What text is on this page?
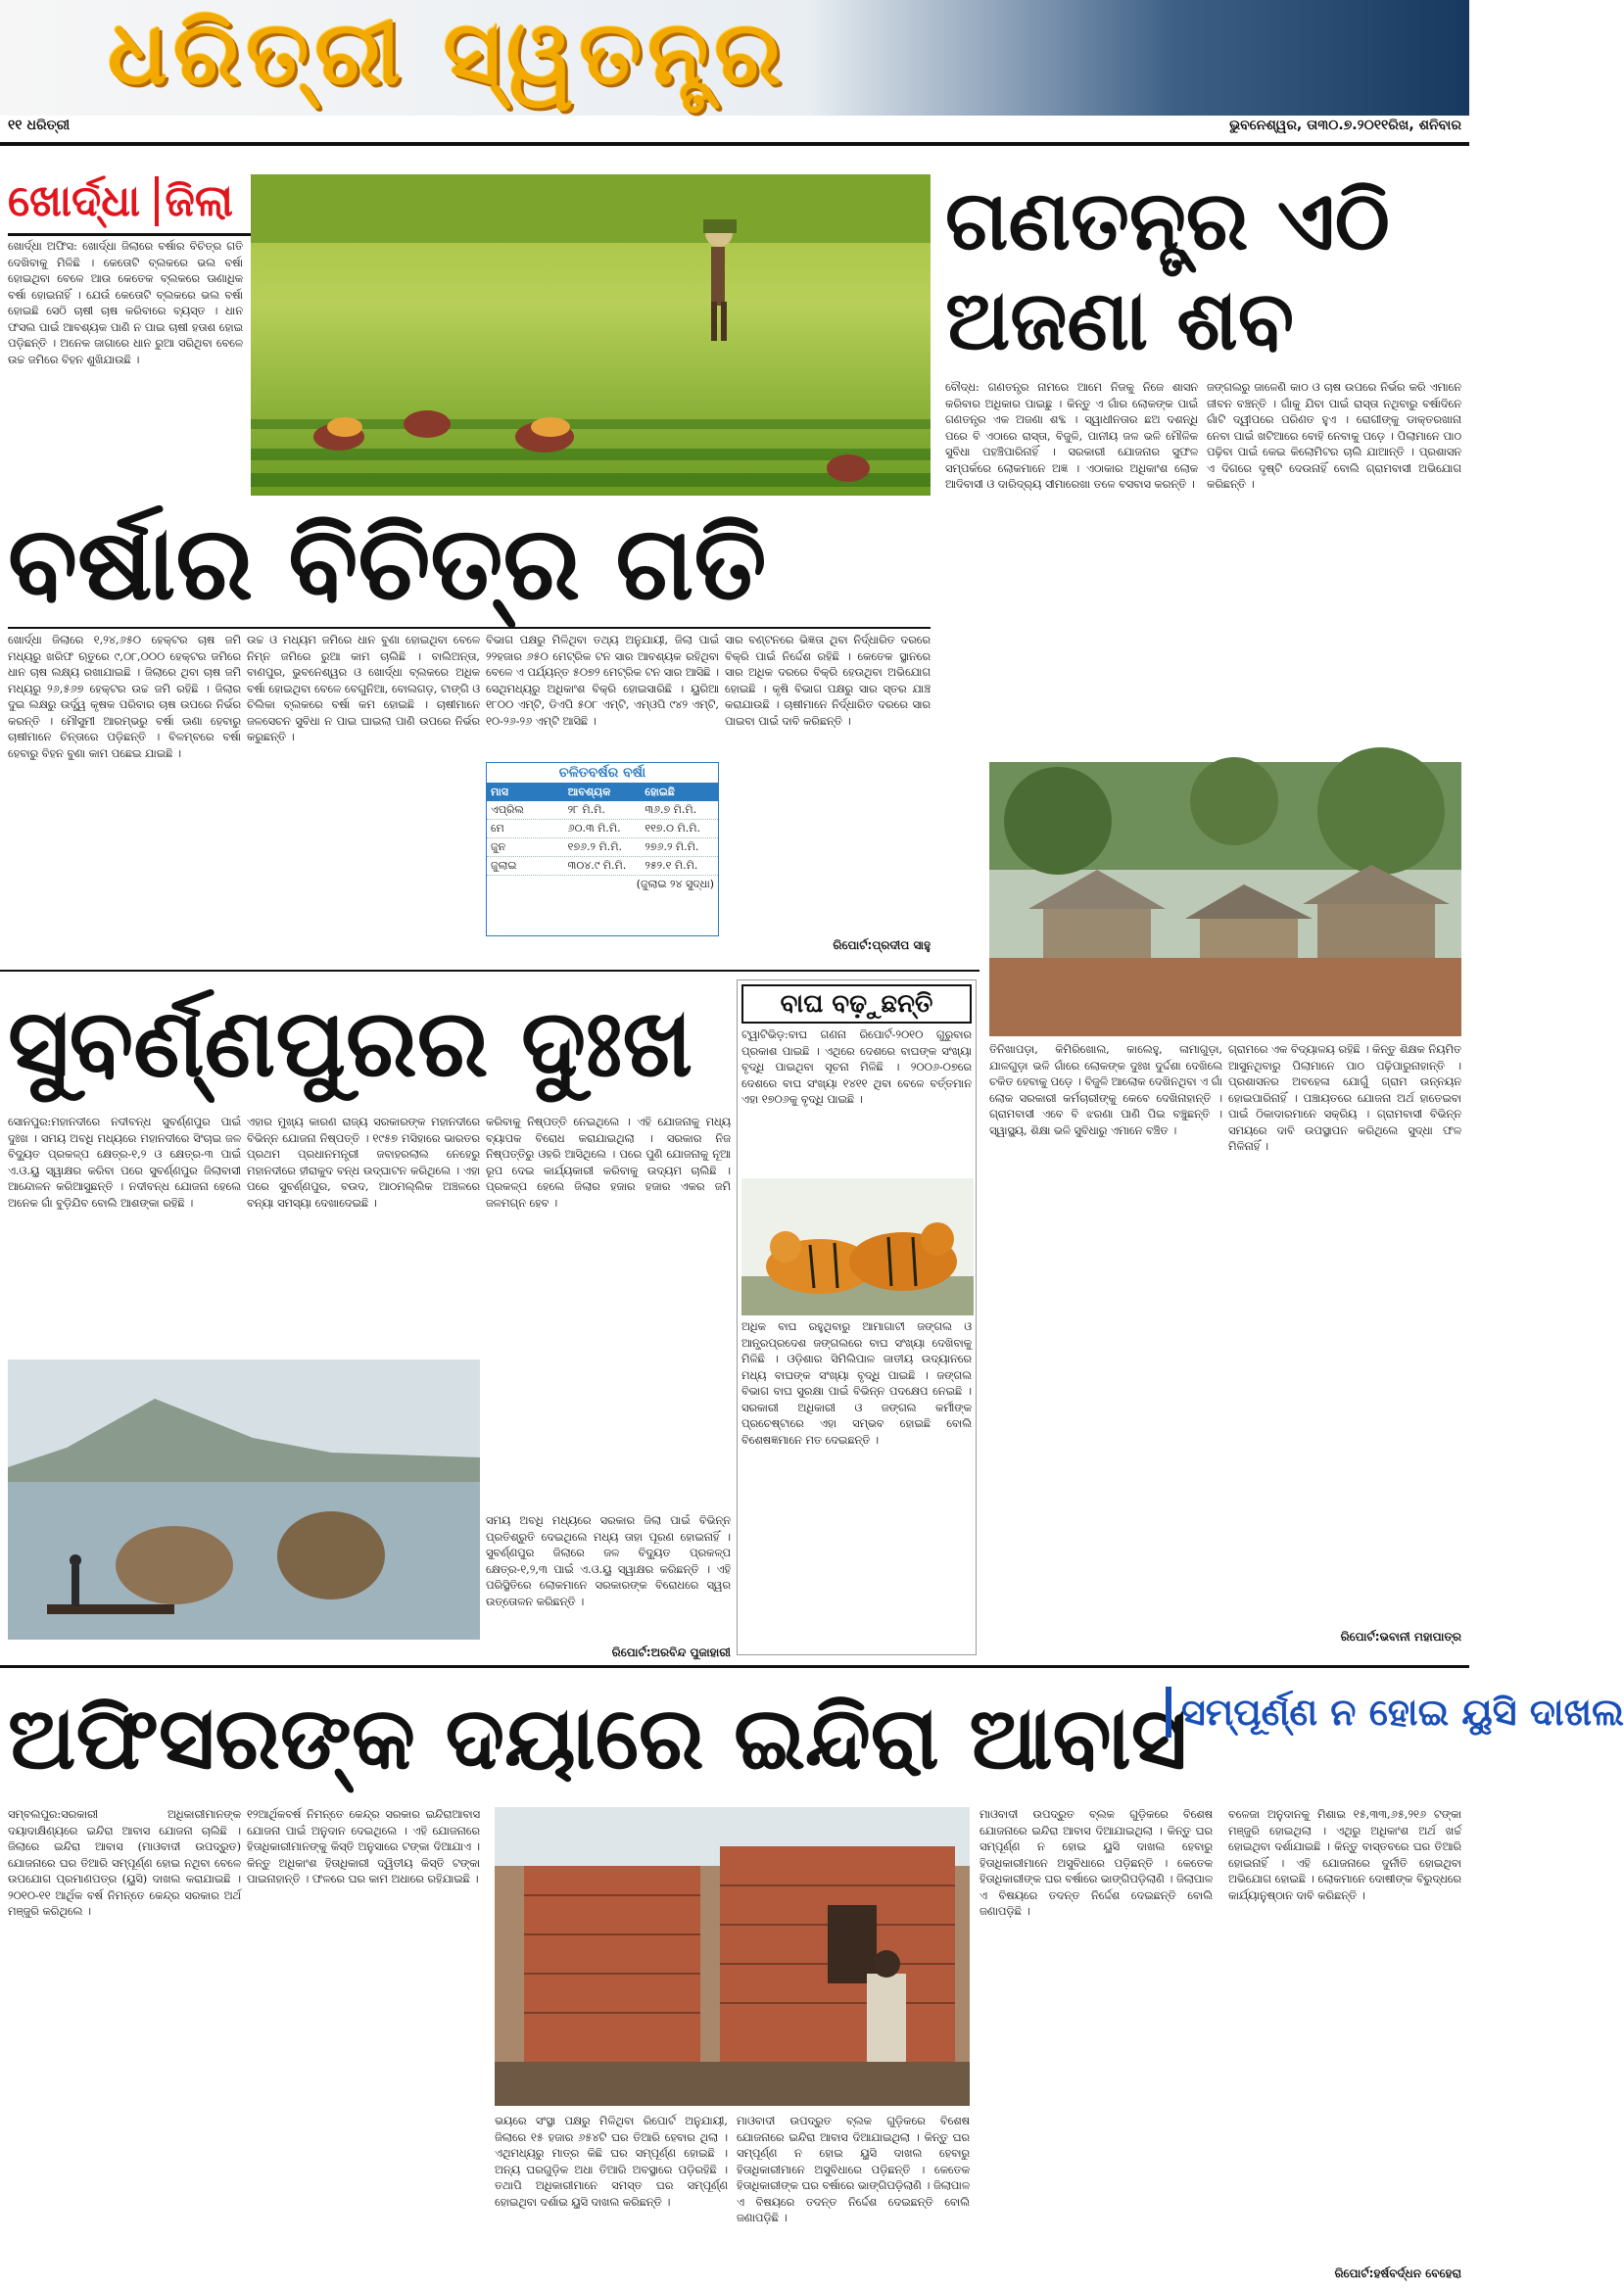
ଧରିତ୍ରୀ ସ୍ୱତନ୍ତ୍ର
୧୧ ଧରିତ୍ରୀ	ଭୁବନେଶ୍ୱର, ତା୩୦.୭.୨୦୧୧ରିଖ, ଶନିବାର
ଖୋର୍ଦ୍ଧା ଜିଲା
ଖୋର୍ଦ୍ଧା ଅଫିସ: ଖୋର୍ଦ୍ଧା ଜିଲାରେ ବର୍ଷାର ବିଚିତ୍ର ଗତି ଦେଖିବାକୁ ମିଳିଛି । କେତୋଟି ବ୍ଲକରେ ଭଲ ବର୍ଷା ହୋଇଥିବା ବେଳେ ଆଉ କେତେକ ବ୍ଲକରେ ଊଣାଧିକ ବର୍ଷା ହୋଇନାହିଁ । ଯେଉଁ କେତୋଟି ବ୍ଲକରେ ଭଲ ବର୍ଷା ହୋଇଛି ସେଠି ଚାଷୀ ଚାଷ କରିବାରେ ବ୍ୟସ୍ତ । ଧାନ ଫସଲ ପାଇଁ ଆବଶ୍ୟକ ପାଣି ନ ପାଇ ଚାଷୀ ହତାଶ ହୋଇ ପଡ଼ିଛନ୍ତି । ଅନେକ ଜାଗାରେ ଧାନ ରୁଆ ସରିଥିବା ବେଳେ ଉଚ୍ଚ ଜମିରେ ବିହନ ଶୁଖିଯାଉଛି ।
ବର୍ଷାର ବିଚିତ୍ର ଗତି
ଖୋର୍ଦ୍ଧା ଜିଲାରେ ୧,୨୪,୬୫୦ ହେକ୍ଟର ଚାଷ ଜମି ମଧ୍ୟରୁ ଖରିଫ ଋତୁରେ ୯,୦୮,୦୦୦ ହେକ୍ଟର ଜମିରେ ଧାନ ଚାଷ ଲକ୍ଷ୍ୟ ରଖାଯାଇଛି । ଜିଲାରେ ଥିବା ଚାଷ ଜମି ମଧ୍ୟରୁ ୨୬,୫୬୭ ହେକ୍ଟର ଉଚ୍ଚ ଜମି ରହିଛି । ଜିଲାର ଦୁଇ ଲକ୍ଷରୁ ଉର୍ଦ୍ଧ୍ୱ କୃଷକ ପରିବାର ଚାଷ ଉପରେ ନିର୍ଭର କରନ୍ତି । ମୌସୁମୀ ଆରମ୍ଭରୁ ବର୍ଷା ଊଣା ହେବାରୁ ଚାଷୀମାନେ ଚିନ୍ତାରେ ପଡ଼ିଛନ୍ତି । ବିଳମ୍ବରେ ବର୍ଷା ହେବାରୁ ବିହନ ବୁଣା କାମ ପଛେଇ ଯାଇଛି ।
ଉଚ୍ଚ ଓ ମଧ୍ୟମ ଜମିରେ ଧାନ ବୁଣା ହୋଇଥିବା ବେଳେ ନିମ୍ନ ଜମିରେ ରୁଆ କାମ ଚାଲିଛି । ବାଲିଅନ୍ତା, ବାଣପୁର, ଭୁବନେଶ୍ୱର ଓ ଖୋର୍ଦ୍ଧା ବ୍ଲକରେ ଅଧିକ ବର୍ଷା ହୋଇଥିବା ବେଳେ ବେଗୁନିଆ, ବୋଲଗଡ଼, ଟାଙ୍ଗି ଓ ଚିଲିକା ବ୍ଲକରେ ବର୍ଷା କମ ହୋଇଛି । ଚାଷୀମାନେ ଜଳସେଚନ ସୁବିଧା ନ ପାଇ ଘାଇଲା ପାଣି ଉପରେ ନିର୍ଭର କରୁଛନ୍ତି ।
ବିଭାଗ ପକ୍ଷରୁ ମିଳିଥିବା ତଥ୍ୟ ଅନୁଯାୟୀ, ଜିଲା ପାଇଁ ୨୨ହଜାର ୬୫୦ ମେଟ୍ରିକ ଟନ ସାର ଆବଶ୍ୟକ ରହିଥିବା ବେଳେ ଏ ପର୍ଯ୍ୟନ୍ତ ୫୦୭୨ ମେଟ୍ରିକ ଟନ ସାର ଆସିଛି । ସେଥିମଧ୍ୟରୁ ଅଧିକାଂଶ ବିକ୍ରି ହୋଇସାରିଛି । ୟୁରିଆ ୧୮୦୦ ଏମ୍‌ଟି, ଡିଏପି ୫୦୮ ଏମ୍‌ଟି, ଏମ୍‌ଓପି ୯୪୨ ଏମ୍‌ଟି, ୧୦-୨୬-୨୬ ଏମ୍‌ଟି ଆସିଛି ।
ଚଳିତବର୍ଷର ବର୍ଷା
ମାସ	ଆବଶ୍ୟକ	ହୋଇଛି
ଏପ୍ରିଲ	୨୮ ମି.ମି.	୩୬.୭ ମି.ମି.
ମେ	୬୦.୩ ମି.ମି.	୧୧୭.୦ ମି.ମି.
ଜୁନ	୧୭୬.୨ ମି.ମି.	୨୭୬.୨ ମି.ମି.
ଜୁଲାଇ	୩୦୪.୯ ମି.ମି.	୨୫୨.୧ ମି.ମି.
(ଜୁଲାଇ ୨୪ ସୁଦ୍ଧା)
ସାର ବଣ୍ଟନରେ ଭିଜ୍ଞତା ଥିବା ନିର୍ଦ୍ଧାରିତ ଦରରେ ବିକ୍ରି ପାଇଁ ନିର୍ଦ୍ଦେଶ ରହିଛି । କେତେକ ସ୍ଥାନରେ ସାର ଅଧିକ ଦରରେ ବିକ୍ରି ହେଉଥିବା ଅଭିଯୋଗ ହୋଇଛି । କୃଷି ବିଭାଗ ପକ୍ଷରୁ ସାର ସ୍ତର ଯାଞ୍ଚ କରାଯାଉଛି । ଚାଷୀମାନେ ନିର୍ଦ୍ଧାରିତ ଦରରେ ସାର ପାଇବା ପାଇଁ ଦାବି କରିଛନ୍ତି ।
ରିପୋର୍ଟ:ପ୍ରଦୀପ ସାହୁ
ଗଣତନ୍ତ୍ର ଏଠି
ଅଜଣା ଶବ
ବୌଦ୍ଧ: ଗଣତନ୍ତ୍ର ନାମରେ ଆମେ ନିଜକୁ ନିଜେ ଶାସନ କରିବାର ଅଧିକାର ପାଇଛୁ । କିନ୍ତୁ ଏ ଗାଁର ଲୋକଙ୍କ ପାଇଁ ଗଣତନ୍ତ୍ର ଏକ ଅଜଣା ଶବ୍ଦ । ସ୍ୱାଧୀନତାର ଛଅ ଦଶନ୍ଧି ପରେ ବି ଏଠାରେ ରାସ୍ତା, ବିଜୁଳି, ପାନୀୟ ଜଳ ଭଳି ମୌଳିକ ସୁବିଧା ପହଞ୍ଚିପାରିନାହିଁ । ସରକାରୀ ଯୋଜନାର ସୁଫଳ ସମ୍ପର୍କରେ ଲୋକମାନେ ଅଜ୍ଞ । ଏଠାକାର ଅଧିକାଂଶ ଲୋକ ଆଦିବାସୀ ଓ ଦାରିଦ୍ର୍ୟ ସୀମାରେଖା ତଳେ ବସବାସ କରନ୍ତି ।
ଜଙ୍ଗଲରୁ ଜାଳେଣି କାଠ ଓ ଚାଷ ଉପରେ ନିର୍ଭର କରି ଏମାନେ ଜୀବନ ବଞ୍ଚନ୍ତି । ଗାଁକୁ ଯିବା ପାଇଁ ରାସ୍ତା ନଥିବାରୁ ବର୍ଷାଦିନେ ଗାଁଟି ଦ୍ୱୀପରେ ପରିଣତ ହୁଏ । ରୋଗୀଙ୍କୁ ଡାକ୍ତରଖାନା ନେବା ପାଇଁ ଖଟିଆରେ ବୋହି ନେବାକୁ ପଡ଼େ । ପିଲାମାନେ ପାଠ ପଢ଼ିବା ପାଇଁ କେଇ କିଲୋମିଟର ଚାଲି ଯାଆନ୍ତି । ପ୍ରଶାସନ ଏ ଦିଗରେ ଦୃଷ୍ଟି ଦେଉନାହିଁ ବୋଲି ଗ୍ରାମବାସୀ ଅଭିଯୋଗ କରିଛନ୍ତି ।
ତିନିଖାପଡ଼ା, କିମିରିଖୋଲ, କାଲେହୁ, ଳାମାଗୁଡ଼ା, ଯାଳଗୁଡ଼ା ଭଳି ଗାଁରେ ଲୋକଙ୍କ ଦୁଃଖ ଦୁର୍ଦ୍ଦଶା ଦେଖିଲେ ଚକିତ ହେବାକୁ ପଡ଼େ । ବିଜୁଳି ଆଲୋକ ଦେଖିନଥିବା ଏ ଗାଁ ଲୋକ ସରକାରୀ କର୍ମଚାରୀଙ୍କୁ କେବେ ଦେଖିନାହାନ୍ତି । ଗ୍ରାମବାସୀ ଏବେ ବି ଝରଣା ପାଣି ପିଇ ବଞ୍ଚୁଛନ୍ତି । ସ୍ୱାସ୍ଥ୍ୟ, ଶିକ୍ଷା ଭଳି ସୁବିଧାରୁ ଏମାନେ ବଞ୍ଚିତ ।
ଗ୍ରାମରେ ଏକ ବିଦ୍ୟାଳୟ ରହିଛି । କିନ୍ତୁ ଶିକ୍ଷକ ନିୟମିତ ଆସୁନଥିବାରୁ ପିଲାମାନେ ପାଠ ପଢ଼ିପାରୁନାହାନ୍ତି । ପ୍ରଶାସନର ଅବହେଳା ଯୋଗୁଁ ଗ୍ରାମ ଉନ୍ନୟନ ହୋଇପାରିନାହିଁ । ପଞ୍ଚାୟତରେ ଯୋଜନା ଅର୍ଥ ହାତେଇବା ପାଇଁ ଠିକାଦାରମାନେ ସକ୍ରିୟ । ଗ୍ରାମବାସୀ ବିଭିନ୍ନ ସମୟରେ ଦାବି ଉପସ୍ଥାପନ କରିଥିଲେ ସୁଦ୍ଧା ଫଳ ମିଳିନାହିଁ ।
ରିପୋର୍ଟ:ଭବାନୀ ମହାପାତ୍ର
ସୁବର୍ଣ୍ଣପୁରର ଦୁଃଖ
ସୋନପୁର:ମହାନଦୀରେ ନଦୀବନ୍ଧ ସୁବର୍ଣ୍ଣପୁର ପାଇଁ ଦୁଃଖ । ସମୟ ଅବଧି ମଧ୍ୟରେ ମହାନଦୀରେ ସିଂଚାଇ ଜଳ ବିଦ୍ୟୁତ ପ୍ରକଳ୍ପ କ୍ଷେତ୍ର-୧,୨ ଓ କ୍ଷେତ୍ର-୩ ପାଇଁ ଏ.ଓ.ୟୁ ସ୍ୱାକ୍ଷର କରିବା ପରେ ସୁବର୍ଣ୍ଣପୁର ଜିଲାବାସୀ ଆନ୍ଦୋଳନ କରିଆସୁଛନ୍ତି । ନଦୀବନ୍ଧ ଯୋଜନା ହେଲେ ଅନେକ ଗାଁ ବୁଡ଼ିଯିବ ବୋଲି ଆଶଙ୍କା ରହିଛି ।
ଏହାର ମୁଖ୍ୟ କାରଣ ରାଜ୍ୟ ସରକାରଙ୍କ ମହାନଦୀରେ ବିଭିନ୍ନ ଯୋଜନା ନିଷ୍ପତ୍ତି । ୧୯୫୭ ମସିହାରେ ଭାରତର ପ୍ରଥମ ପ୍ରଧାନମନ୍ତ୍ରୀ ଜବାହରଲାଲ ନେହେରୁ ମହାନଦୀରେ ହୀରାକୁଦ ବନ୍ଧ ଉଦ୍‌ଘାଟନ କରିଥିଲେ । ଏହା ପରେ ସୁବର୍ଣ୍ଣପୁର, ବଉଦ, ଆଠମଲ୍ଲିକ ଅଞ୍ଚଳରେ ବନ୍ୟା ସମସ୍ୟା ଦେଖାଦେଇଛି ।
କରିବାକୁ ନିଷ୍ପତ୍ତି ନେଇଥିଲେ । ଏହି ଯୋଜନାକୁ ମଧ୍ୟ ବ୍ୟାପକ ବିରୋଧ କରାଯାଇଥିଲା । ସରକାର ନିଜ ନିଷ୍ପତ୍ତିରୁ ଓହରି ଆସିଥିଲେ । ପରେ ପୁଣି ଯୋଜନାକୁ ନୂଆ ରୂପ ଦେଇ କାର୍ଯ୍ୟକାରୀ କରିବାକୁ ଉଦ୍ୟମ ଚାଲିଛି । ପ୍ରକଳ୍ପ ହେଲେ ଜିଲାର ହଜାର ହଜାର ଏକର ଜମି ଜଳମଗ୍ନ ହେବ ।
ସମୟ ଅବଧି ମଧ୍ୟରେ ସରକାର ଜିଲା ପାଇଁ ବିଭିନ୍ନ ପ୍ରତିଶ୍ରୁତି ଦେଇଥିଲେ ମଧ୍ୟ ତାହା ପୂରଣ ହୋଇନାହିଁ । ସୁବର୍ଣ୍ଣପୁର ଜିଲାରେ ଜଳ ବିଦ୍ୟୁତ ପ୍ରକଳ୍ପ କ୍ଷେତ୍ର-୧,୨,୩ ପାଇଁ ଏ.ଓ.ୟୁ ସ୍ୱାକ୍ଷର କରିଛନ୍ତି । ଏହି ପରିସ୍ଥିତିରେ ଲୋକମାନେ ସରକାରଙ୍କ ବିରୋଧରେ ସ୍ୱର ଉତ୍ତୋଳନ କରିଛନ୍ତି ।
ରିପୋର୍ଟ:ଅରବିନ୍ଦ ପୁଜାହାରୀ
ବାଘ ବଢ଼ୁଛନ୍ତି
ଟ୍ୱାଟିଭିଡ଼:ବାଘ ଗଣନା ରିପୋର୍ଟ-୨୦୧୦ ଗୁରୁବାର ପ୍ରକାଶ ପାଇଛି । ଏଥିରେ ଦେଶରେ ବାଘଙ୍କ ସଂଖ୍ୟା ବୃଦ୍ଧି ପାଇଥିବା ସୂଚନା ମିଳିଛି । ୨୦୦୬-୦୭ରେ ଦେଶରେ ବାଘ ସଂଖ୍ୟା ୧୪୧୧ ଥିବା ବେଳେ ବର୍ତ୍ତମାନ ଏହା ୧୭୦୬କୁ ବୃଦ୍ଧି ପାଇଛି ।
ଅଧିକ ବାଘ ରହୁଥିବାରୁ ଆମାଗାଟୀ ଜଙ୍ଗଲ ଓ ଆନ୍ଧ୍ରପ୍ରଦେଶ ଜଙ୍ଗଲରେ ବାଘ ସଂଖ୍ୟା ଦେଖିବାକୁ ମିଳିଛି । ଓଡ଼ିଶାର ସିମିଲିପାଳ ଜାତୀୟ ଉଦ୍ୟାନରେ ମଧ୍ୟ ବାଘଙ୍କ ସଂଖ୍ୟା ବୃଦ୍ଧି ପାଇଛି । ଜଙ୍ଗଲ ବିଭାଗ ବାଘ ସୁରକ୍ଷା ପାଇଁ ବିଭିନ୍ନ ପଦକ୍ଷେପ ନେଇଛି । ସରକାରୀ ଅଧିକାରୀ ଓ ଜଙ୍ଗଲ କର୍ମୀଙ୍କ ପ୍ରଚେଷ୍ଟାରେ ଏହା ସମ୍ଭବ ହୋଇଛି ବୋଲି ବିଶେଷଜ୍ଞମାନେ ମତ ଦେଇଛନ୍ତି ।
ଅଫିସରଙ୍କ ଦୟାରେ ଇନ୍ଦିରା ଆବାସ
ସମ୍ପୂର୍ଣ୍ଣ ନ ହୋଇ ୟୁସି ଦାଖଲ
ସମ୍ବଲପୁର:ସରକାରୀ ଅଧିକାରୀମାନଙ୍କ ଦୟାଦାକ୍ଷିଣ୍ୟରେ ଇନ୍ଦିରା ଆବାସ ଯୋଜନା ଚାଲିଛି । ଜିଲାରେ ଇନ୍ଦିରା ଆବାସ (ମାଓବାଦୀ ଉପଦ୍ରୁତ) ଯୋଜନାରେ ଘର ତିଆରି ସମ୍ପୂର୍ଣ୍ଣ ହୋଇ ନଥିବା ବେଳେ ଉପଯୋଗ ପ୍ରମାଣପତ୍ର (ୟୁସି) ଦାଖଲ କରାଯାଇଛି । ୨୦୧୦-୧୧ ଆର୍ଥିକ ବର୍ଷ ନିମନ୍ତେ କେନ୍ଦ୍ର ସରକାର ଅର୍ଥ ମଞ୍ଜୁରି କରିଥିଲେ ।
୧୨ଆର୍ଥିକବର୍ଷ ନିମନ୍ତେ କେନ୍ଦ୍ର ସରକାର ଇନ୍ଦିରାଆବାସ ଯୋଜନା ପାଇଁ ଅନୁଦାନ ଦେଇଥିଲେ । ଏହି ଯୋଜନାରେ ହିତାଧିକାରୀମାନଙ୍କୁ କିସ୍ତି ଅନୁସାରେ ଟଙ୍କା ଦିଆଯାଏ । କିନ୍ତୁ ଅଧିକାଂଶ ହିତାଧିକାରୀ ଦ୍ୱିତୀୟ କିସ୍ତି ଟଙ୍କା ପାଇନାହାନ୍ତି । ଫଳରେ ଘର କାମ ଅଧାରେ ରହିଯାଇଛି ।
ଭୟରେ ସଂସ୍ଥା ପକ୍ଷରୁ ମିଳିଥିବା ରିପୋର୍ଟ ଅନୁଯାୟୀ, ଜିଲାରେ ୧୫ ହଜାର ୬୫୪ଟି ଘର ତିଆରି ହେବାର ଥିଲା । ଏଥିମଧ୍ୟରୁ ମାତ୍ର କିଛି ଘର ସମ୍ପୂର୍ଣ୍ଣ ହୋଇଛି । ଅନ୍ୟ ଘରଗୁଡ଼ିକ ଅଧା ତିଆରି ଅବସ୍ଥାରେ ପଡ଼ିରହିଛି । ତଥାପି ଅଧିକାରୀମାନେ ସମସ୍ତ ଘର ସମ୍ପୂର୍ଣ୍ଣ ହୋଇଥିବା ଦର୍ଶାଇ ୟୁସି ଦାଖଲ କରିଛନ୍ତି ।
ମାଓବାଦୀ ଉପଦ୍ରୁତ ବ୍ଲକ ଗୁଡ଼ିକରେ ବିଶେଷ ଯୋଜନାରେ ଇନ୍ଦିରା ଆବାସ ଦିଆଯାଇଥିଲା । କିନ୍ତୁ ଘର ସମ୍ପୂର୍ଣ୍ଣ ନ ହୋଇ ୟୁସି ଦାଖଲ ହେବାରୁ ହିତାଧିକାରୀମାନେ ଅସୁବିଧାରେ ପଡ଼ିଛନ୍ତି । କେତେକ ହିତାଧିକାରୀଙ୍କ ଘର ବର୍ଷାରେ ଭାଙ୍ଗିପଡ଼ିଲାଣି । ଜିଲାପାଳ ଏ ବିଷୟରେ ତଦନ୍ତ ନିର୍ଦ୍ଦେଶ ଦେଇଛନ୍ତି ବୋଲି ଜଣାପଡ଼ିଛି ।
ମାଓବାଦୀ ଉପଦ୍ରୁତ ବ୍ଲକ ଗୁଡ଼ିକରେ ବିଶେଷ ଯୋଜନାରେ ଇନ୍ଦିରା ଆବାସ ଦିଆଯାଇଥିଲା । କିନ୍ତୁ ଘର ସମ୍ପୂର୍ଣ୍ଣ ନ ହୋଇ ୟୁସି ଦାଖଲ ହେବାରୁ ହିତାଧିକାରୀମାନେ ଅସୁବିଧାରେ ପଡ଼ିଛନ୍ତି । କେତେକ ହିତାଧିକାରୀଙ୍କ ଘର ବର୍ଷାରେ ଭାଙ୍ଗିପଡ଼ିଲାଣି । ଜିଲାପାଳ ଏ ବିଷୟରେ ତଦନ୍ତ ନିର୍ଦ୍ଦେଶ ଦେଇଛନ୍ତି ବୋଲି ଜଣାପଡ଼ିଛି ।
ବଳେଜା ଅନୁଦାନକୁ ମିଶାଇ ୧୫,୩୩,୬୫,୨୧୬ ଟଙ୍କା ମଞ୍ଜୁରି ହୋଇଥିଲା । ଏଥିରୁ ଅଧିକାଂଶ ଅର୍ଥ ଖର୍ଚ୍ଚ ହୋଇଥିବା ଦର୍ଶାଯାଇଛି । କିନ୍ତୁ ବାସ୍ତବରେ ଘର ତିଆରି ହୋଇନାହିଁ । ଏହି ଯୋଜନାରେ ଦୁର୍ନୀତି ହୋଇଥିବା ଅଭିଯୋଗ ହୋଇଛି । ଲୋକମାନେ ଦୋଷୀଙ୍କ ବିରୁଦ୍ଧରେ କାର୍ଯ୍ୟାନୁଷ୍ଠାନ ଦାବି କରିଛନ୍ତି ।
ରିପୋର୍ଟ:ହର୍ଷବର୍ଦ୍ଧନ ବେହେରା
